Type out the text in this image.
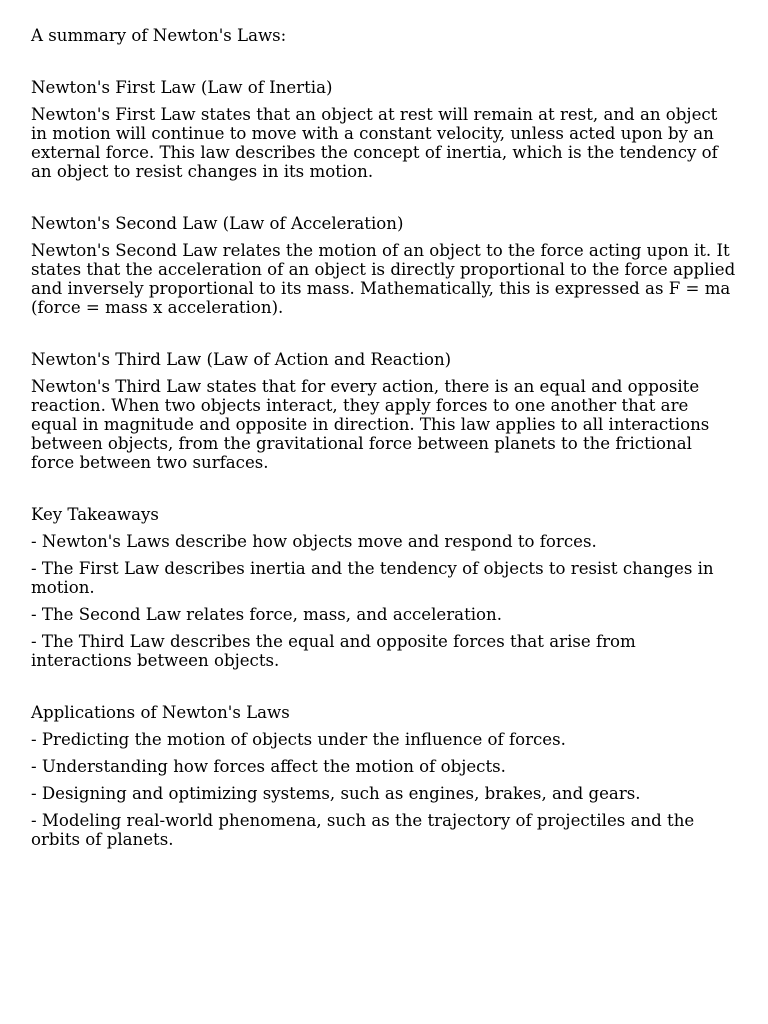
A summary of Newton's Laws:

Newton's First Law (Law of Inertia)

Newton's First Law states that an object at rest will remain at rest, and an object in motion will continue to move with a constant velocity, unless acted upon by an external force. This law describes the concept of inertia, which is the tendency of an object to resist changes in its motion.

Newton's Second Law (Law of Acceleration)

Newton's Second Law relates the motion of an object to the force acting upon it. It states that the acceleration of an object is directly proportional to the force applied and inversely proportional to its mass. Mathematically, this is expressed as F = ma (force = mass x acceleration).

Newton's Third Law (Law of Action and Reaction)

Newton's Third Law states that for every action, there is an equal and opposite reaction. When two objects interact, they apply forces to one another that are equal in magnitude and opposite in direction. This law applies to all interactions between objects, from the gravitational force between planets to the frictional force between two surfaces.

Key Takeaways

- Newton's Laws describe how objects move and respond to forces.

- The First Law describes inertia and the tendency of objects to resist changes in motion.

- The Second Law relates force, mass, and acceleration.

- The Third Law describes the equal and opposite forces that arise from interactions between objects.

Applications of Newton's Laws

- Predicting the motion of objects under the influence of forces.

- Understanding how forces affect the motion of objects.

- Designing and optimizing systems, such as engines, brakes, and gears.

- Modeling real-world phenomena, such as the trajectory of projectiles and the orbits of planets.
